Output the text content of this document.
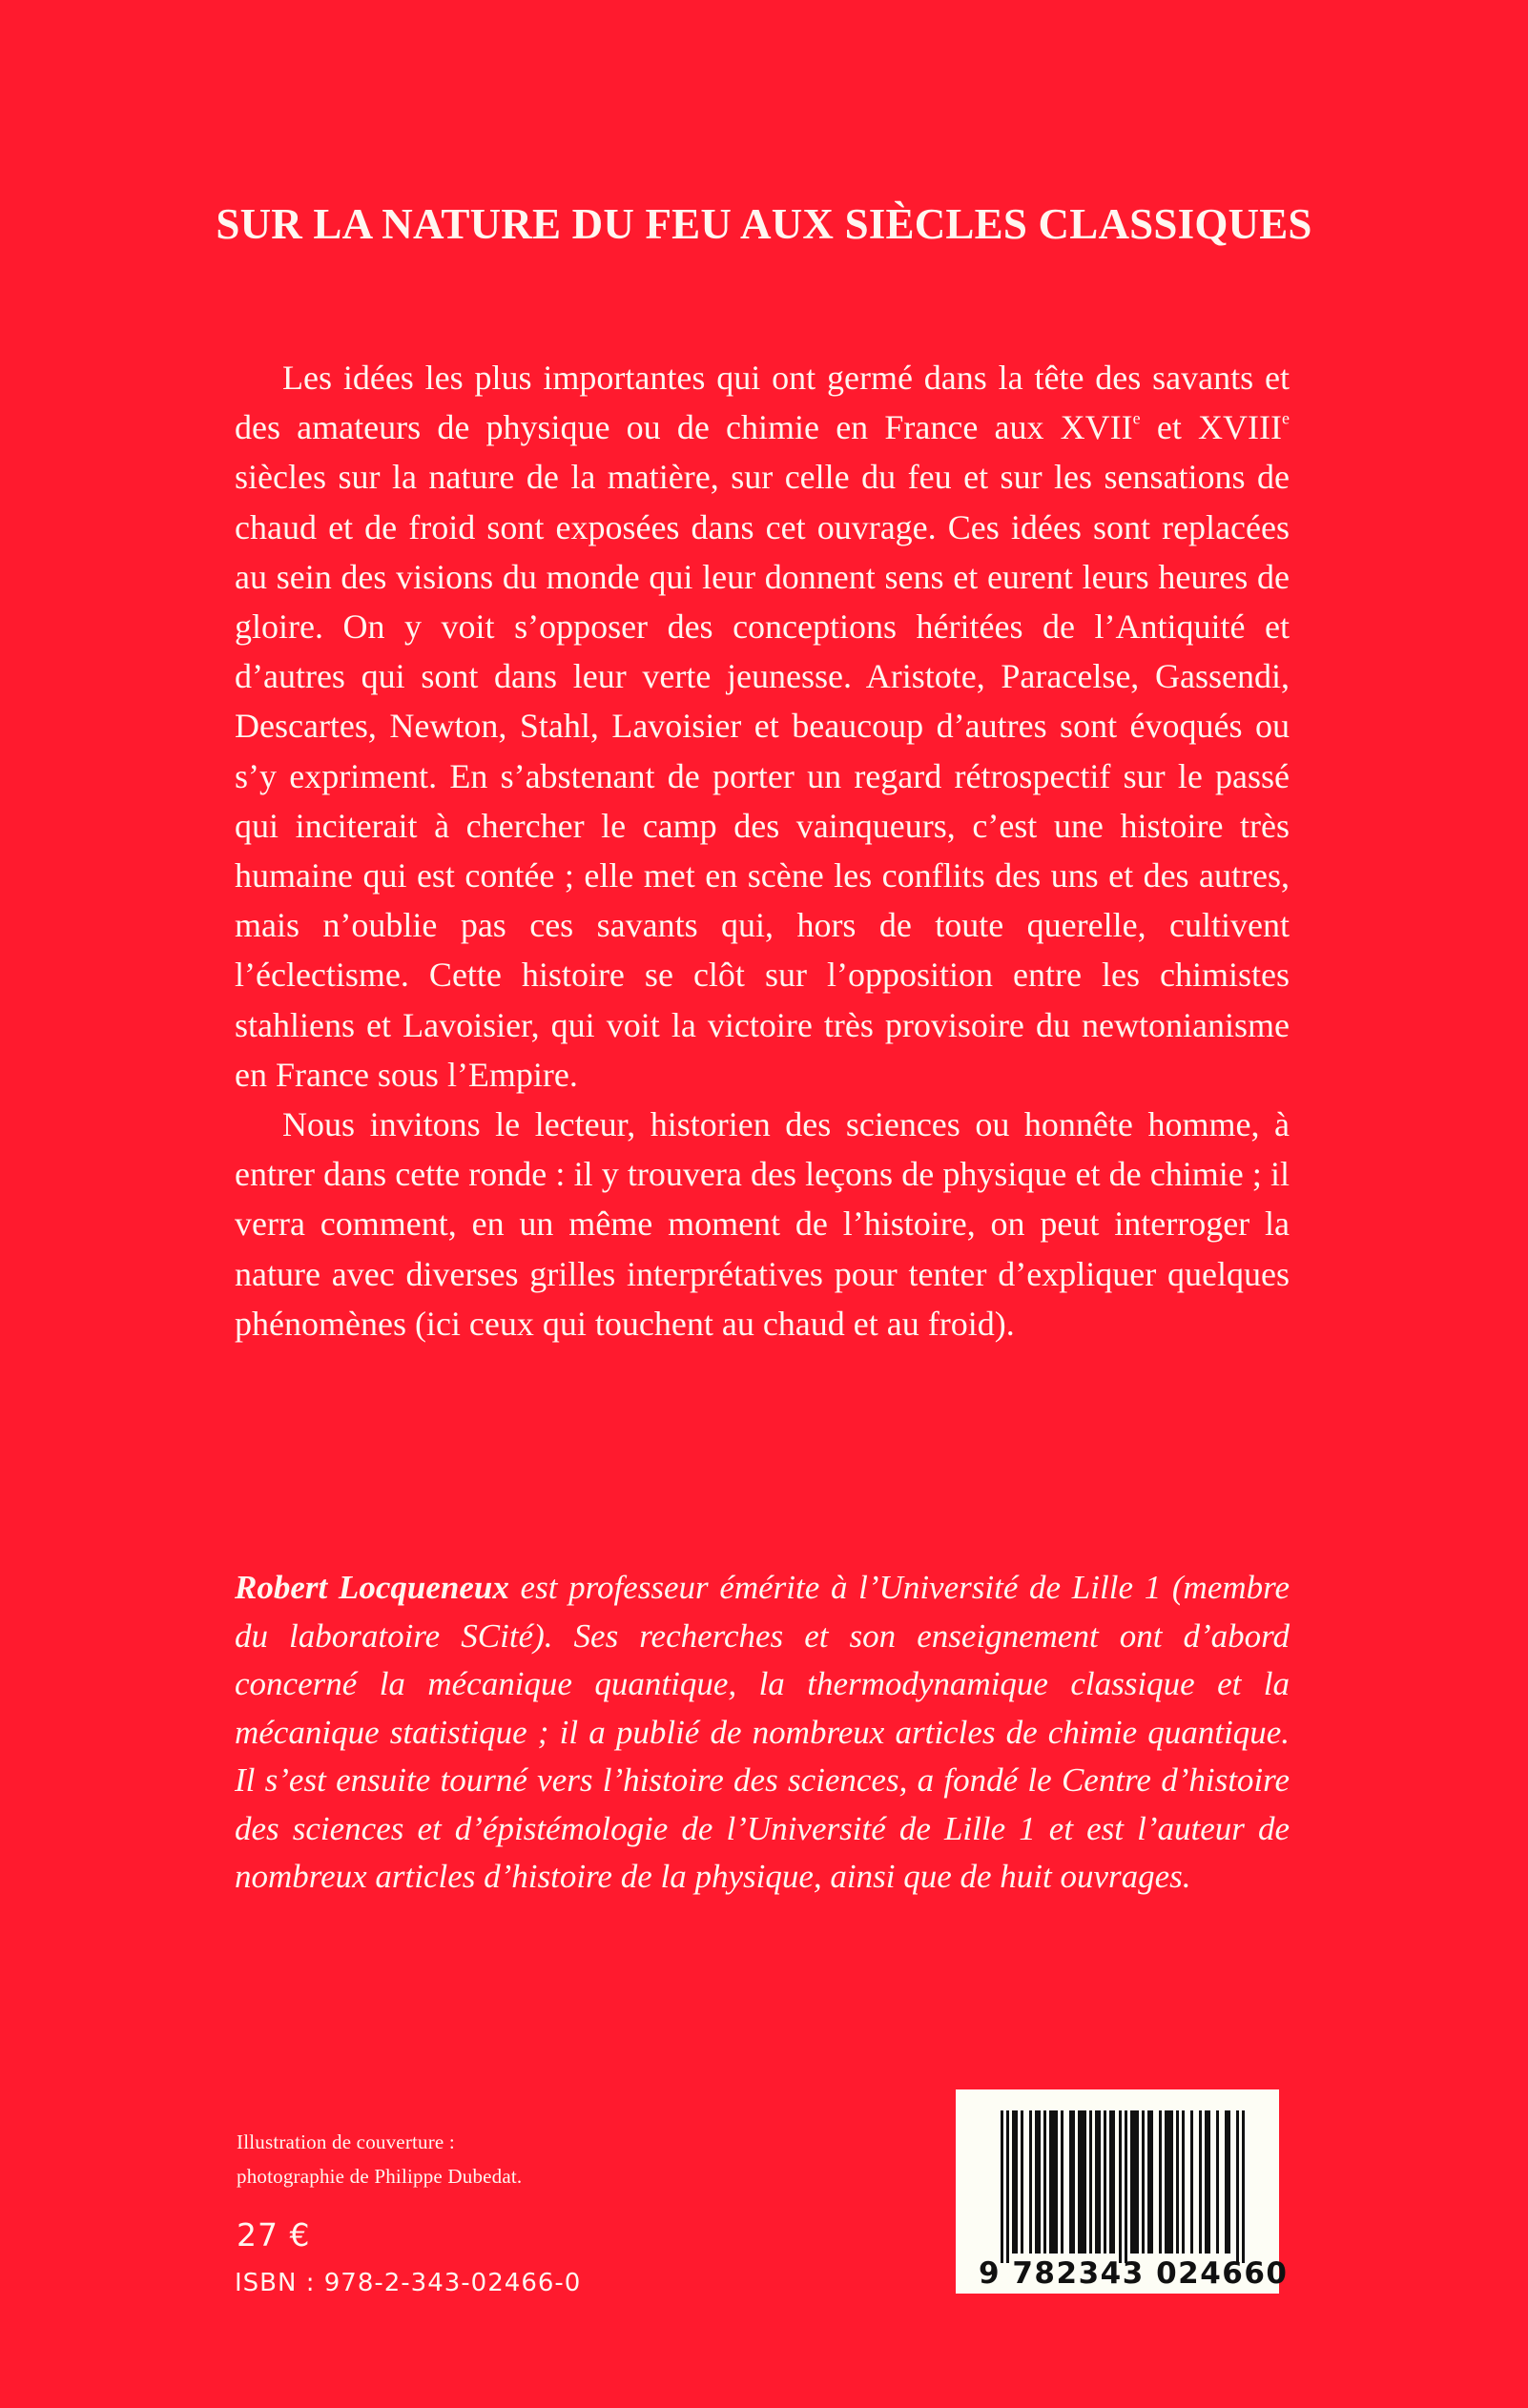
SUR LA NATURE DU FEU AUX SIÈCLES CLASSIQUES

Les idées les plus importantes qui ont germé dans la tête des savants et des amateurs de physique ou de chimie en France aux XVIIe et XVIIIe siècles sur la nature de la matière, sur celle du feu et sur les sensations de chaud et de froid sont exposées dans cet ouvrage. Ces idées sont replacées au sein des visions du monde qui leur donnent sens et eurent leurs heures de gloire. On y voit s’opposer des conceptions héritées de l’Antiquité et d’autres qui sont dans leur verte jeunesse. Aristote, Paracelse, Gassendi, Descartes, Newton, Stahl, Lavoisier et beaucoup d’autres sont évoqués ou s’y expriment. En s’abstenant de porter un regard rétrospectif sur le passé qui inciterait à chercher le camp des vainqueurs, c’est une histoire très humaine qui est contée ; elle met en scène les conflits des uns et des autres, mais n’oublie pas ces savants qui, hors de toute querelle, cultivent l’éclectisme. Cette histoire se clôt sur l’opposition entre les chimistes stahliens et Lavoisier, qui voit la victoire très provisoire du newtonianisme en France sous l’Empire.

Nous invitons le lecteur, historien des sciences ou honnête homme, à entrer dans cette ronde : il y trouvera des leçons de physique et de chimie ; il verra comment, en un même moment de l’histoire, on peut interroger la nature avec diverses grilles interprétatives pour tenter d’expliquer quelques phénomènes (ici ceux qui touchent au chaud et au froid).

Robert Locqueneux est professeur émérite à l’Université de Lille 1 (membre du laboratoire SCité). Ses recherches et son enseignement ont d’abord concerné la mécanique quantique, la thermodynamique classique et la mécanique statistique ; il a publié de nombreux articles de chimie quantique. Il s’est ensuite tourné vers l’histoire des sciences, a fondé le Centre d’histoire des sciences et d’épistémologie de l’Université de Lille 1 et est l’auteur de nombreux articles d’histoire de la physique, ainsi que de huit ouvrages.

Illustration de couverture :
photographie de Philippe Dubedat.
27 €
ISBN : 978-2-343-02466-0	9 782343 024660
